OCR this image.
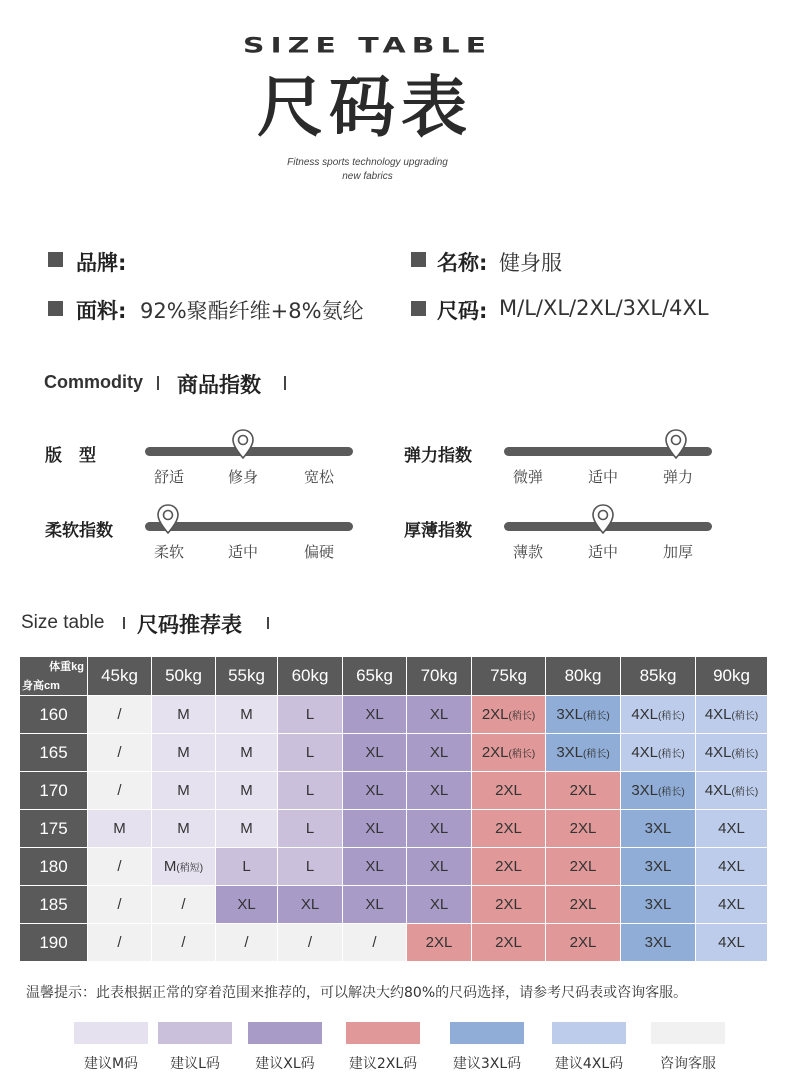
SIZE TABLE
尺码表
Fitness sports technology upgrading
new fabrics
品牌:	名称: 健身服
面料: 92%聚酯纤维+8%氨纶	尺码: M/L/XL/2XL/3XL/4XL
Commodity 商品指数
版　型
舒适	修身	宽松
弹力指数
微弹	适中	弹力
柔软指数
柔软	适中	偏硬
厚薄指数
薄款	适中	加厚
Size table 尺码推荐表
体重kg
身高cm	45kg	50kg	55kg	60kg	65kg	70kg	75kg	80kg	85kg	90kg
160	/	M	M	L	XL	XL	2XL(稍长)	3XL(稍长)	4XL(稍长)	4XL(稍长)
165	/	M	M	L	XL	XL	2XL(稍长)	3XL(稍长)	4XL(稍长)	4XL(稍长)
170	/	M	M	L	XL	XL	2XL	2XL	3XL(稍长)	4XL(稍长)
175	M	M	M	L	XL	XL	2XL	2XL	3XL	4XL
180	/	M(稍短)	L	L	XL	XL	2XL	2XL	3XL	4XL
185	/	/	XL	XL	XL	XL	2XL	2XL	3XL	4XL
190	/	/	/	/	/	2XL	2XL	2XL	3XL	4XL
温馨提示：此表根据正常的穿着范围来推荐的，可以解决大约80%的尺码选择，请参考尺码表或咨询客服。
建议M码	建议L码	建议XL码	建议2XL码	建议3XL码	建议4XL码	咨询客服
